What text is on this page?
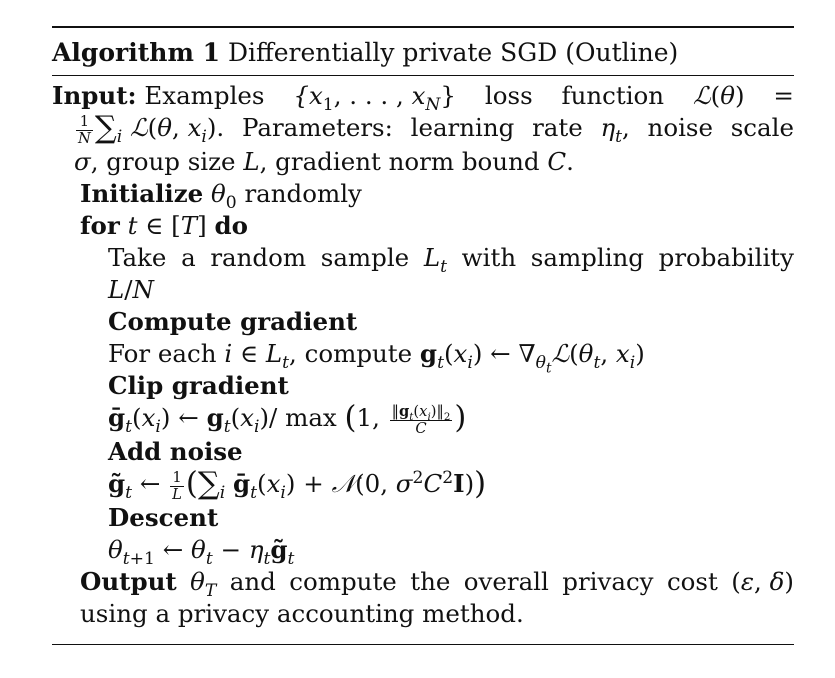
Algorithm 1 Differentially private SGD (Outline)
Input: Examples {$x_1$, . . . , $x_N$} loss function ℒ(θ) =
$\frac{1}{N} \sum_i$ ℒ(θ, $x_i$). Parameters: learning rate $\eta_t$, noise scale
σ, group size L, gradient norm bound C.
Initialize $\theta_0$ randomly
for t ∈ [T] do
Take a random sample $L_t$ with sampling probability
L/N
Compute gradient
For each i ∈ $L_t$, compute $g_t(x_i)$ ← $\nabla_{\theta_t}ℒ(\theta_t$, $x_i$)
Clip gradient
$ḡ_t(x_i)$ ← $g_t(x_i)/$ max (1, $\frac{‖g_t(x_i)‖_2}{C}$ )
Add noise
$g̃_t$ ← $\frac{1}{L} (\sum_i$ $ḡ_t(x_i)$ + 𝒩(0, $\sigma^2C^2I$))
Descent
$\theta_{t+1}$ ← $\theta_t$ − $\eta_tg̃_t$
Output $\theta_T$ and compute the overall privacy cost (ε, δ)
using a privacy accounting method.
